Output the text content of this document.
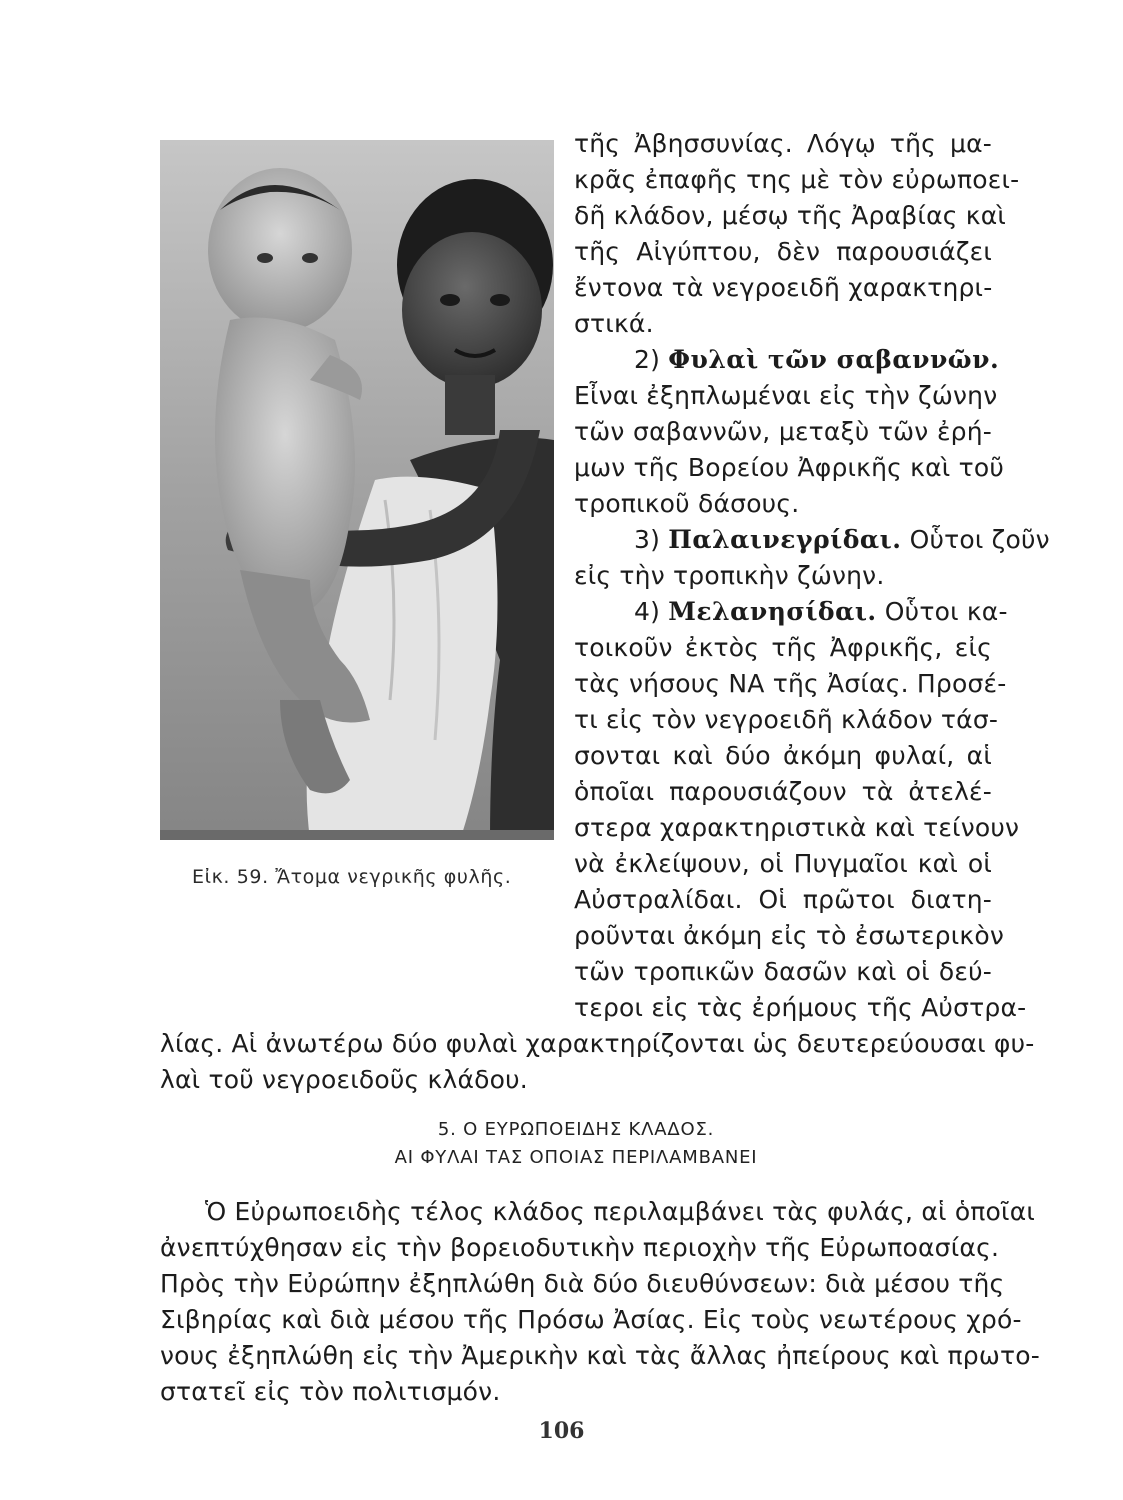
Εἰκ. 59. Ἄτομα νεγρικῆς φυλῆς.
τῆς Ἀβησσυνίας. Λόγῳ τῆς μα-
κρᾶς ἐπαφῆς της μὲ τὸν εὐρωποει-
δῆ κλάδον, μέσῳ τῆς Ἀραβίας καὶ
τῆς Αἰγύπτου, δὲν παρουσιάζει
ἔντονα τὰ νεγροειδῆ χαρακτηρι-
στικά.
2) Φυλαὶ τῶν σαβαννῶν.
Εἶναι ἐξηπλωμέναι εἰς τὴν ζώνην
τῶν σαβαννῶν, μεταξὺ τῶν ἐρή-
μων τῆς Βορείου Ἀφρικῆς καὶ τοῦ
τροπικοῦ δάσους.
3) Παλαινεγρίδαι. Οὗτοι ζοῦν
εἰς τὴν τροπικὴν ζώνην.
4) Μελανησίδαι. Οὗτοι κα-
τοικοῦν ἐκτὸς τῆς Ἀφρικῆς, εἰς
τὰς νήσους ΝΑ τῆς Ἀσίας. Προσέ-
τι εἰς τὸν νεγροειδῆ κλάδον τάσ-
σονται καὶ δύο ἀκόμη φυλαί, αἱ
ὁποῖαι παρουσιάζουν τὰ ἀτελέ-
στερα χαρακτηριστικὰ καὶ τείνουν
νὰ ἐκλείψουν, οἱ Πυγμαῖοι καὶ οἱ
Αὐστραλίδαι. Οἱ πρῶτοι διατη-
ροῦνται ἀκόμη εἰς τὸ ἐσωτερικὸν
τῶν τροπικῶν δασῶν καὶ οἱ δεύ-
τεροι εἰς τὰς ἐρήμους τῆς Αὐστρα-
λίας. Αἱ ἀνωτέρω δύο φυλαὶ χαρακτηρίζονται ὡς δευτερεύουσαι φυ-
λαὶ τοῦ νεγροειδοῦς κλάδου.
5. Ο ΕΥΡΩΠΟΕΙΔΗΣ ΚΛΑΔΟΣ.
ΑΙ ΦΥΛΑΙ ΤΑΣ ΟΠΟΙΑΣ ΠΕΡΙΛΑΜΒΑΝΕΙ
Ὁ Εὐρωποειδὴς τέλος κλάδος περιλαμβάνει τὰς φυλάς, αἱ ὁποῖαι
ἀνεπτύχθησαν εἰς τὴν βορειοδυτικὴν περιοχὴν τῆς Εὐρωποασίας.
Πρὸς τὴν Εὐρώπην ἐξηπλώθη διὰ δύο διευθύνσεων: διὰ μέσου τῆς
Σιβηρίας καὶ διὰ μέσου τῆς Πρόσω Ἀσίας. Εἰς τοὺς νεωτέρους χρό-
νους ἐξηπλώθη εἰς τὴν Ἀμερικὴν καὶ τὰς ἄλλας ἠπείρους καὶ πρωτο-
στατεῖ εἰς τὸν πολιτισμόν.
106
